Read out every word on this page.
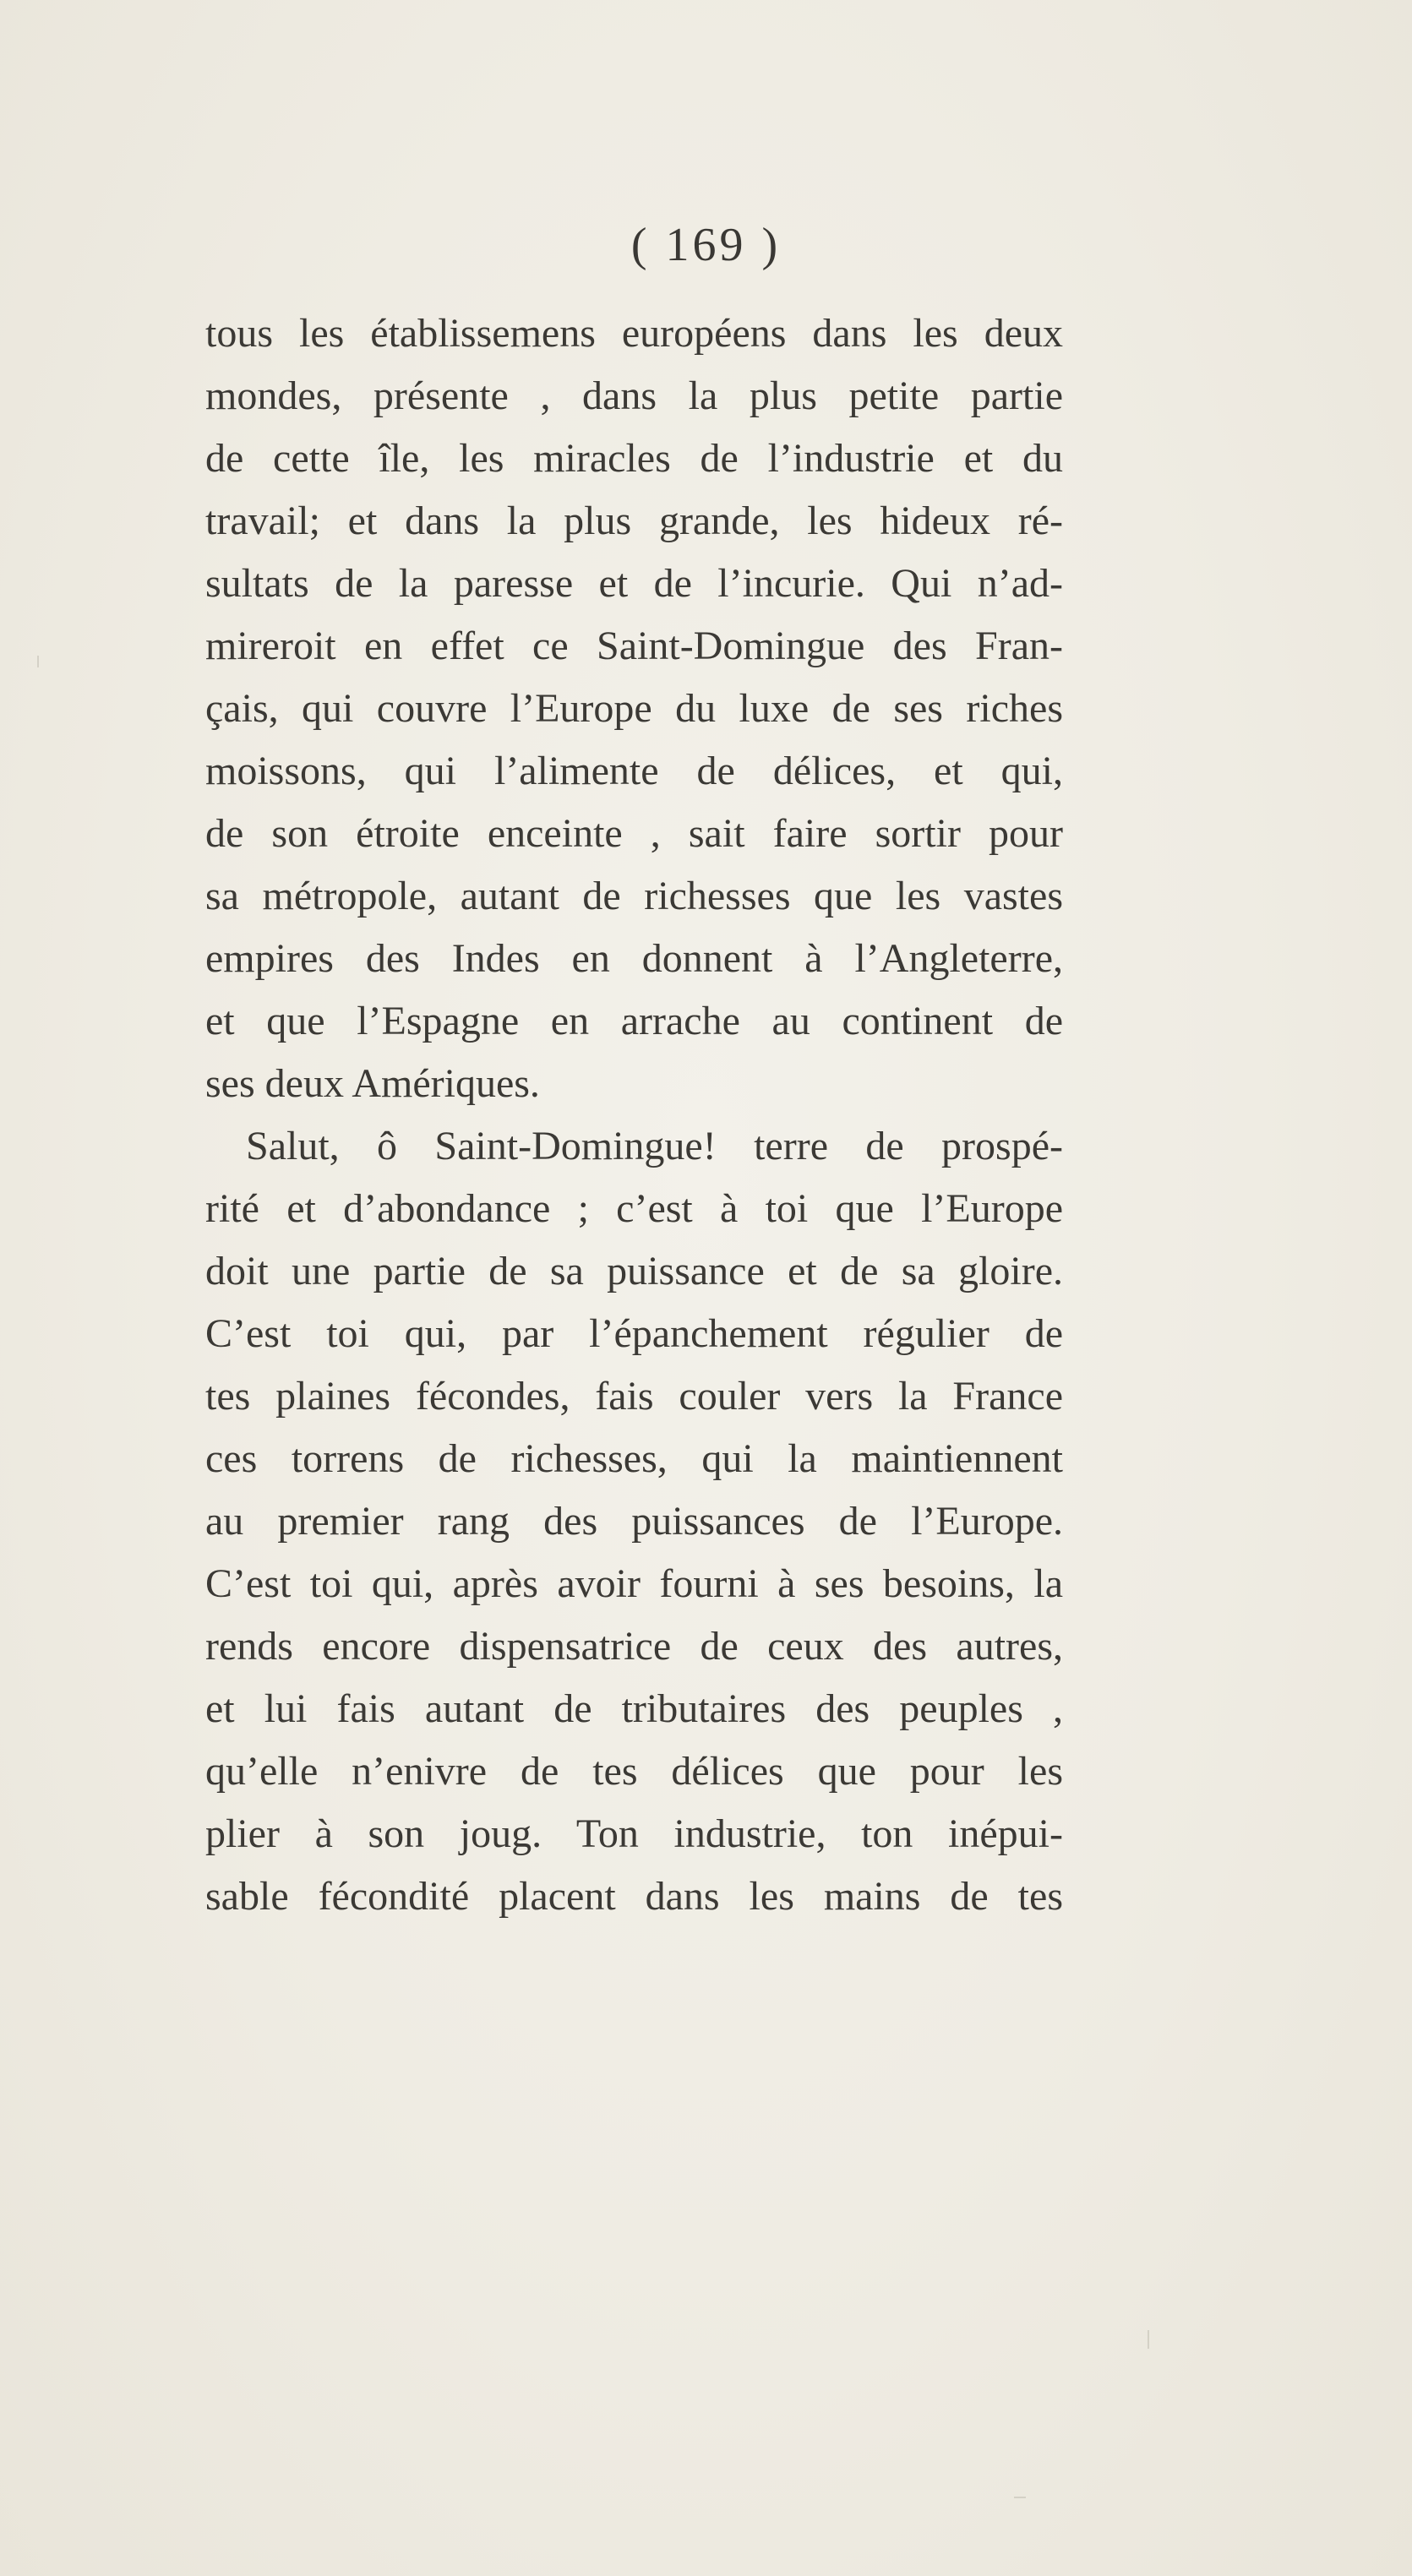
( 169 )
tous les établissemens européens dans les deux
mondes, présente , dans la plus petite partie
de cette île, les miracles de l’industrie et du
travail; et dans la plus grande, les hideux ré-
sultats de la paresse et de l’incurie. Qui n’ad-
mireroit en effet ce Saint-Domingue des Fran-
çais, qui couvre l’Europe du luxe de ses riches
moissons, qui l’alimente de délices, et qui,
de son étroite enceinte , sait faire sortir pour
sa métropole, autant de richesses que les vastes
empires des Indes en donnent à l’Angleterre,
et que l’Espagne en arrache au continent de
ses deux Amériques.
Salut, ô Saint-Domingue! terre de prospé-
rité et d’abondance ; c’est à toi que l’Europe
doit une partie de sa puissance et de sa gloire.
C’est toi qui, par l’épanchement régulier de
tes plaines fécondes, fais couler vers la France
ces torrens de richesses, qui la maintiennent
au premier rang des puissances de l’Europe.
C’est toi qui, après avoir fourni à ses besoins, la
rends encore dispensatrice de ceux des autres,
et lui fais autant de tributaires des peuples ,
qu’elle n’enivre de tes délices que pour les
plier à son joug. Ton industrie, ton inépui-
sable fécondité placent dans les mains de tes
